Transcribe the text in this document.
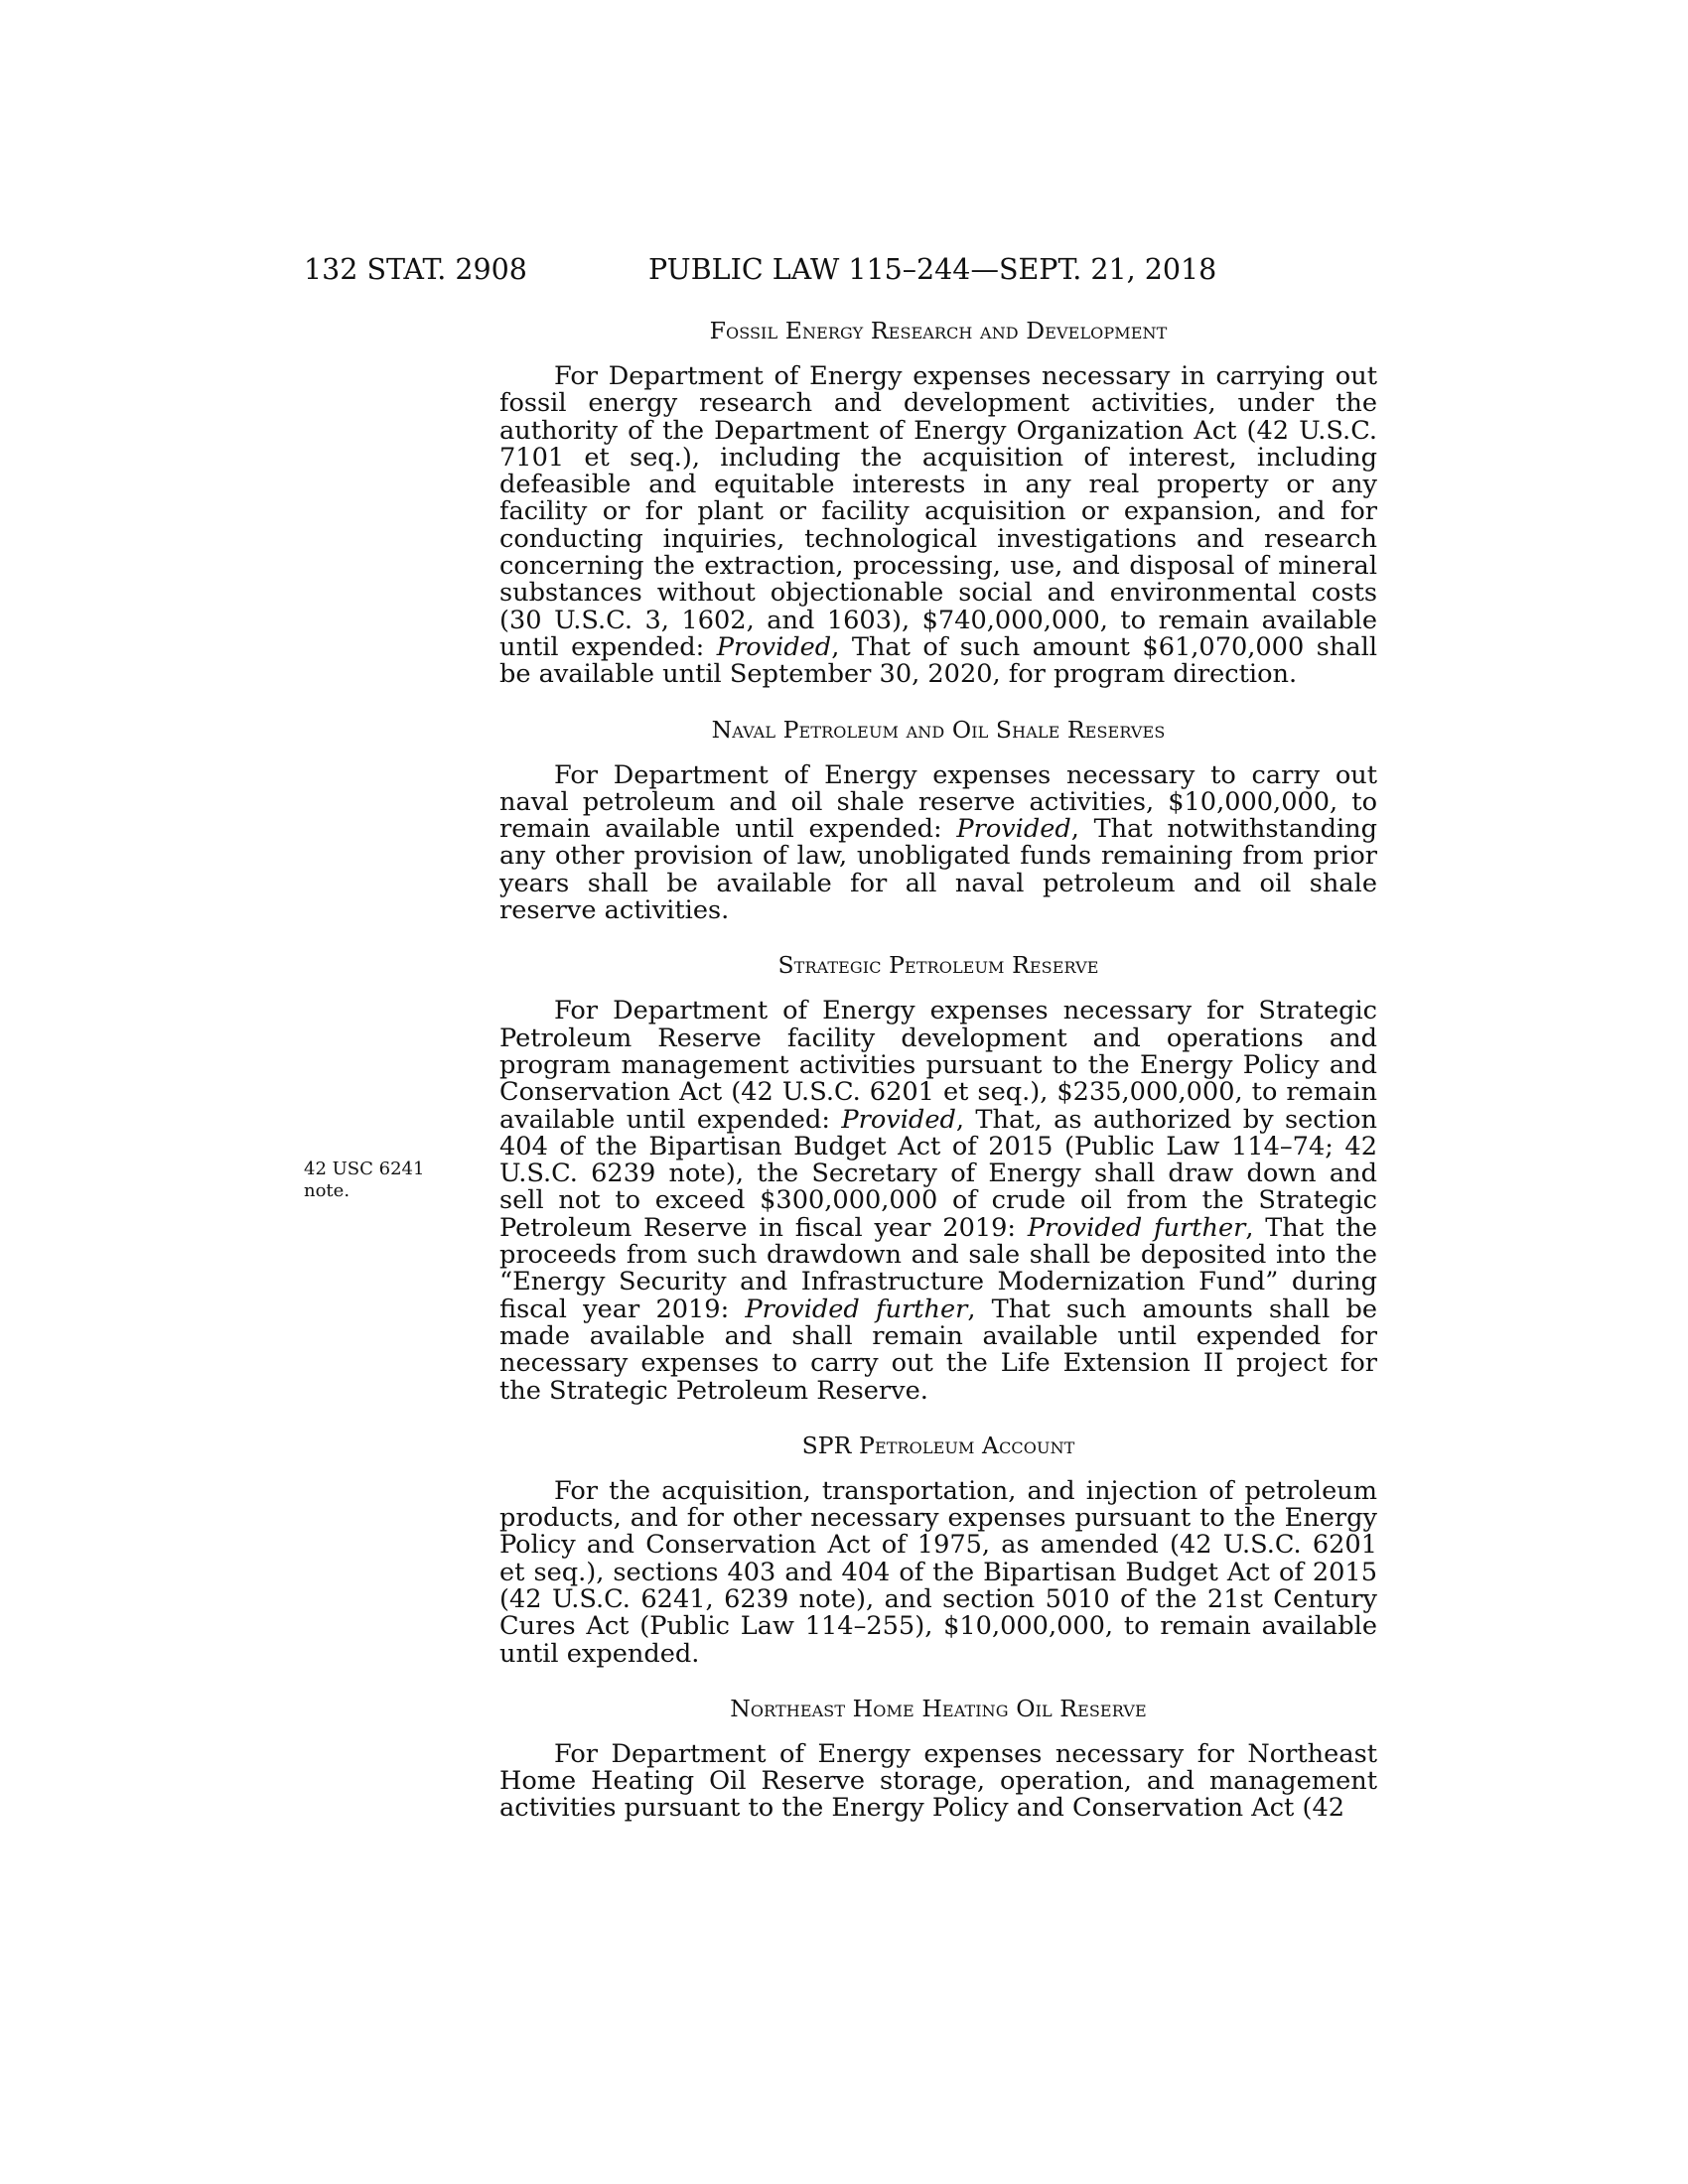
132 STAT. 2908	PUBLIC LAW 115–244—SEPT. 21, 2018
42 USC 6241
note.
Fossil Energy Research and Development

For Department of Energy expenses necessary in carrying out fossil energy research and development activities, under the authority of the Department of Energy Organization Act (42 U.S.C. 7101 et seq.), including the acquisition of interest, including defeasible and equitable interests in any real property or any facility or for plant or facility acquisition or expansion, and for conducting inquiries, technological investigations and research concerning the extraction, processing, use, and disposal of mineral substances without objectionable social and environmental costs (30 U.S.C. 3, 1602, and 1603), $740,000,000, to remain available until expended: Provided, That of such amount $61,070,000 shall be available until September 30, 2020, for program direction.

Naval Petroleum and Oil Shale Reserves

For Department of Energy expenses necessary to carry out naval petroleum and oil shale reserve activities, $10,000,000, to remain available until expended: Provided, That notwithstanding any other provision of law, unobligated funds remaining from prior years shall be available for all naval petroleum and oil shale reserve activities.

Strategic Petroleum Reserve

For Department of Energy expenses necessary for Strategic Petroleum Reserve facility development and operations and program management activities pursuant to the Energy Policy and Conservation Act (42 U.S.C. 6201 et seq.), $235,000,000, to remain available until expended: Provided, That, as authorized by section 404 of the Bipartisan Budget Act of 2015 (Public Law 114–74; 42 U.S.C. 6239 note), the Secretary of Energy shall draw down and sell not to exceed $300,000,000 of crude oil from the Strategic Petroleum Reserve in fiscal year 2019: Provided further, That the proceeds from such drawdown and sale shall be deposited into the “Energy Security and Infrastructure Modernization Fund” during fiscal year 2019: Provided further, That such amounts shall be made available and shall remain available until expended for necessary expenses to carry out the Life Extension II project for the Strategic Petroleum Reserve.

SPR Petroleum Account

For the acquisition, transportation, and injection of petroleum products, and for other necessary expenses pursuant to the Energy Policy and Conservation Act of 1975, as amended (42 U.S.C. 6201 et seq.), sections 403 and 404 of the Bipartisan Budget Act of 2015 (42 U.S.C. 6241, 6239 note), and section 5010 of the 21st Century Cures Act (Public Law 114–255), $10,000,000, to remain available until expended.

Northeast Home Heating Oil Reserve

For Department of Energy expenses necessary for Northeast Home Heating Oil Reserve storage, operation, and management activities pursuant to the Energy Policy and Conservation Act (42
